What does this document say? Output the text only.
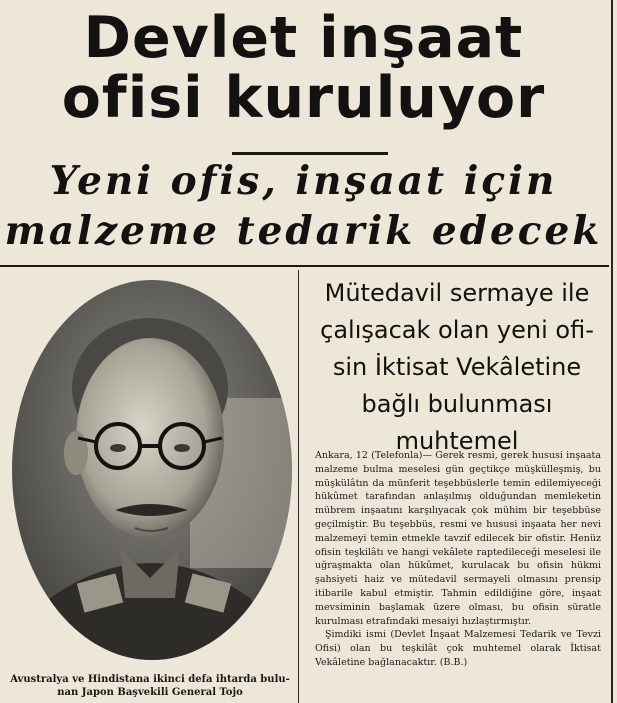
Devlet inşaat
ofisi kuruluyor
Yeni ofis, inşaat için
malzeme tedarik edecek
Avustralya ve Hindistana ikinci defa ihtarda bulu-
nan Japon Başvekili General Tojo
Mütedavil sermaye ile
çalışacak olan yeni ofi-
sin İktisat Vekâletine
bağlı bulunması
muhtemel

Ankara, 12 (Telefonla)— Gerek resmi, gerek hususi inşaata malzeme bulma meselesi gün geçtikçe müşkülleşmiş, bu müşkülâtın da münferit teşebbüslerle temin edilemiyeceği hükûmet tarafından anlaşılmış olduğundan memleketin mübrem inşaatını karşılıyacak çok mühim bir teşebbüse geçilmiştir. Bu teşebbüs, resmi ve hususi inşaata her nevi malzemeyi temin etmekle tavzif edilecek bir ofistir. Henüz ofisin teşkilâtı ve hangi vekâlete raptedileceği meselesi ile uğraşmakta olan hükûmet, kurulacak bu ofisin hükmi şahsiyeti haiz ve mütedavil sermayeli olmasını prensip itibarile kabul etmiştir. Tahmin edildiğine göre, inşaat mevsiminin başlamak üzere olması, bu ofisin süratle kurulması etrafındaki mesaiyi hızlaştırmıştır.

Şimdiki ismi (Devlet İnşaat Malzemesi Tedarik ve Tevzi Ofisi) olan bu teşkilât çok muhtemel olarak İktisat Vekâletine bağlanacaktır. (B.B.)
